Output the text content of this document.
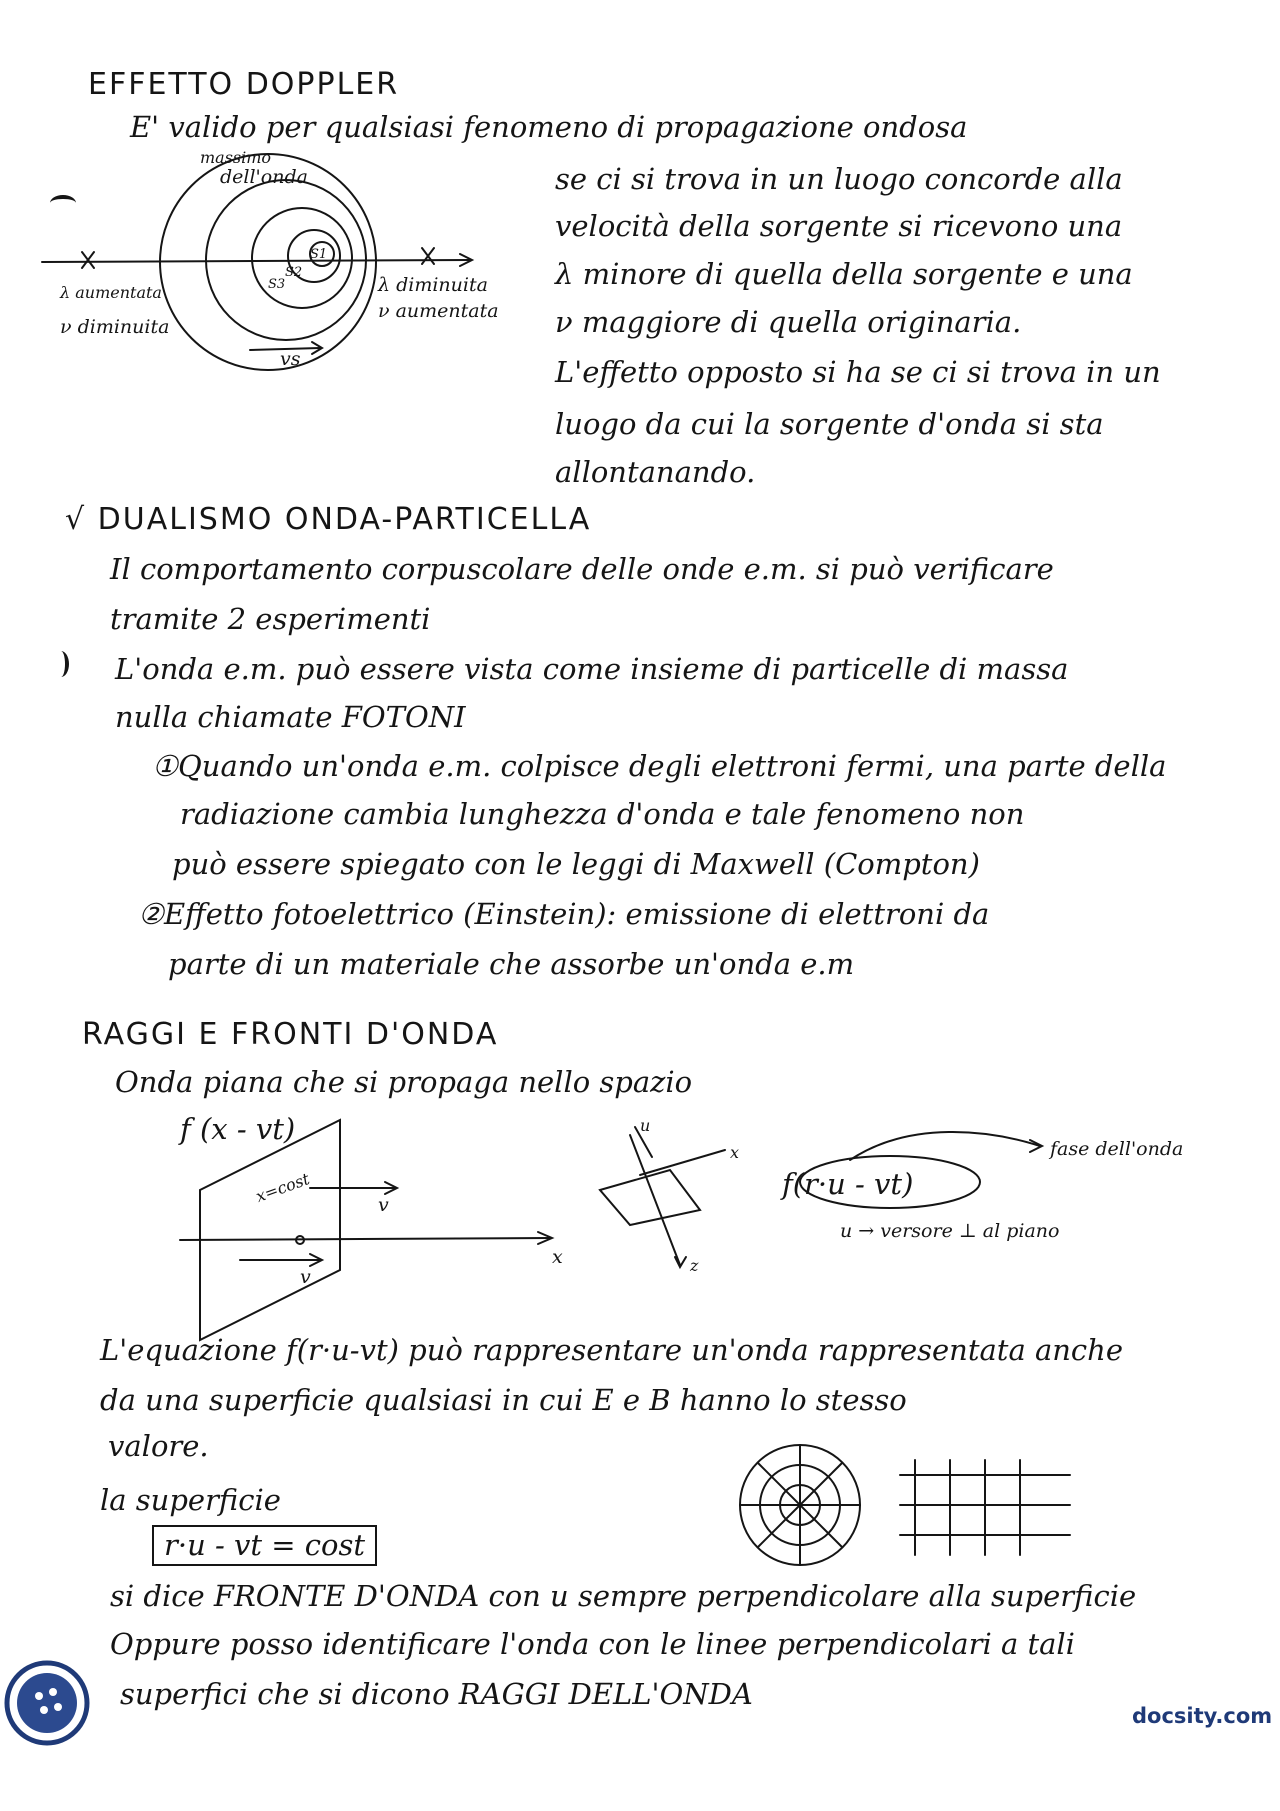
EFFETTO DOPPLER
E' valido per qualsiasi fenomeno di propagazione ondosa
S1
S2
S3
massimo
dell'onda
λ aumentata
ν diminuita
λ diminuita
ν aumentata
vs
se ci si trova in un luogo concorde alla
velocità della sorgente si ricevono una
λ minore di quella della sorgente e una
ν maggiore di quella originaria.
L'effetto opposto si ha se ci si trova in un
luogo da cui la sorgente d'onda si sta
allontanando.
√ DUALISMO ONDA-PARTICELLA
Il comportamento corpuscolare delle onde e.m. si può verificare
tramite 2 esperimenti
L'onda e.m. può essere vista come insieme di particelle di massa
nulla chiamate FOTONI
①Quando un'onda e.m. colpisce degli elettroni fermi, una parte della
radiazione cambia lunghezza d'onda e tale fenomeno non
può essere spiegato con le leggi di Maxwell (Compton)
②Effetto fotoelettrico (Einstein): emissione di elettroni da
parte di un materiale che assorbe un'onda e.m
RAGGI E FRONTI D'ONDA
Onda piana che si propaga nello spazio
f (x - vt)
x=cost	v
v
x
u
x
z
f(r·u - vt)
fase dell'onda
u → versore ⊥ al piano
L'equazione f(r·u-vt) può rappresentare un'onda rappresentata anche
da una superficie qualsiasi in cui E e B hanno lo stesso
valore.
la superficie
r·u - vt = cost
si dice FRONTE D'ONDA con u sempre perpendicolare alla superficie
Oppure posso identificare l'onda con le linee perpendicolari a tali
superfici che si dicono RAGGI DELL'ONDA
docsity.com
